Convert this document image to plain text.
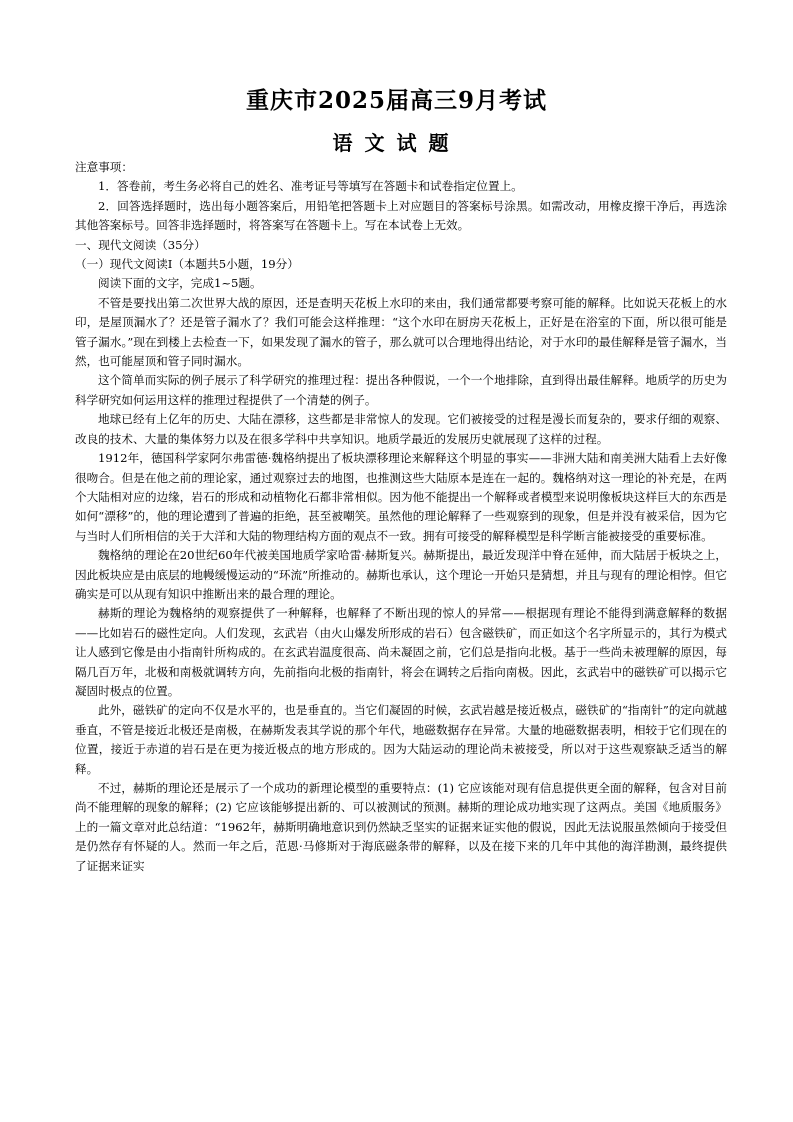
重庆市2025届高三9月考试
语文试题

注意事项：

1．答卷前，考生务必将自己的姓名、准考证号等填写在答题卡和试卷指定位置上。

2．回答选择题时，选出每小题答案后，用铅笔把答题卡上对应题目的答案标号涂黑。如需改动，用橡皮擦干净后，再选涂其他答案标号。回答非选择题时，将答案写在答题卡上。写在本试卷上无效。

一、现代文阅读（35分）

（一）现代文阅读Ⅰ（本题共5小题，19分）

阅读下面的文字，完成1~5题。

不管是要找出第二次世界大战的原因，还是查明天花板上水印的来由，我们通常都要考察可能的解释。比如说天花板上的水印，是屋顶漏水了？还是管子漏水了？我们可能会这样推理：“这个水印在厨房天花板上，正好是在浴室的下面，所以很可能是管子漏水。”现在到楼上去检查一下，如果发现了漏水的管子，那么就可以合理地得出结论，对于水印的最佳解释是管子漏水，当然，也可能屋顶和管子同时漏水。

这个简单而实际的例子展示了科学研究的推理过程：提出各种假说，一个一个地排除，直到得出最佳解释。地质学的历史为科学研究如何运用这样的推理过程提供了一个清楚的例子。

地球已经有上亿年的历史、大陆在漂移，这些都是非常惊人的发现。它们被接受的过程是漫长而复杂的，要求仔细的观察、改良的技术、大量的集体努力以及在很多学科中共享知识。地质学最近的发展历史就展现了这样的过程。

1912年，德国科学家阿尔弗雷德·魏格纳提出了板块漂移理论来解释这个明显的事实——非洲大陆和南美洲大陆看上去好像很吻合。但是在他之前的理论家，通过观察过去的地图，也推测这些大陆原本是连在一起的。魏格纳对这一理论的补充是，在两个大陆相对应的边缘，岩石的形成和动植物化石都非常相似。因为他不能提出一个解释或者模型来说明像板块这样巨大的东西是如何“漂移”的，他的理论遭到了普遍的拒绝，甚至被嘲笑。虽然他的理论解释了一些观察到的现象，但是并没有被采信，因为它与当时人们所相信的关于大洋和大陆的物理结构方面的观点不一致。拥有可接受的解释模型是科学断言能被接受的重要标准。

魏格纳的理论在20世纪60年代被美国地质学家哈雷·赫斯复兴。赫斯提出，最近发现洋中脊在延伸，而大陆居于板块之上，因此板块应是由底层的地幔缓慢运动的“环流”所推动的。赫斯也承认，这个理论一开始只是猜想，并且与现有的理论相悖。但它确实是可以从现有知识中推断出来的最合理的理论。

赫斯的理论为魏格纳的观察提供了一种解释，也解释了不断出现的惊人的异常——根据现有理论不能得到满意解释的数据——比如岩石的磁性定向。人们发现，玄武岩（由火山爆发所形成的岩石）包含磁铁矿，而正如这个名字所显示的，其行为模式让人感到它像是由小指南针所构成的。在玄武岩温度很高、尚未凝固之前，它们总是指向北极。基于一些尚未被理解的原因，每隔几百万年，北极和南极就调转方向，先前指向北极的指南针，将会在调转之后指向南极。因此，玄武岩中的磁铁矿可以揭示它凝固时极点的位置。

此外，磁铁矿的定向不仅是水平的，也是垂直的。当它们凝固的时候，玄武岩越是接近极点，磁铁矿的“指南针”的定向就越垂直，不管是接近北极还是南极，在赫斯发表其学说的那个年代，地磁数据存在异常。大量的地磁数据表明，相较于它们现在的位置，接近于赤道的岩石是在更为接近极点的地方形成的。因为大陆运动的理论尚未被接受，所以对于这些观察缺乏适当的解释。

不过，赫斯的理论还是展示了一个成功的新理论模型的重要特点：(1) 它应该能对现有信息提供更全面的解释，包含对目前尚不能理解的现象的解释；(2) 它应该能够提出新的、可以被测试的预测。赫斯的理论成功地实现了这两点。美国《地质服务》上的一篇文章对此总结道：“1962年，赫斯明确地意识到仍然缺乏坚实的证据来证实他的假说，因此无法说服虽然倾向于接受但是仍然存有怀疑的人。然而一年之后，范恩·马修斯对于海底磁条带的解释，以及在接下来的几年中其他的海洋勘测，最终提供了证据来证实
